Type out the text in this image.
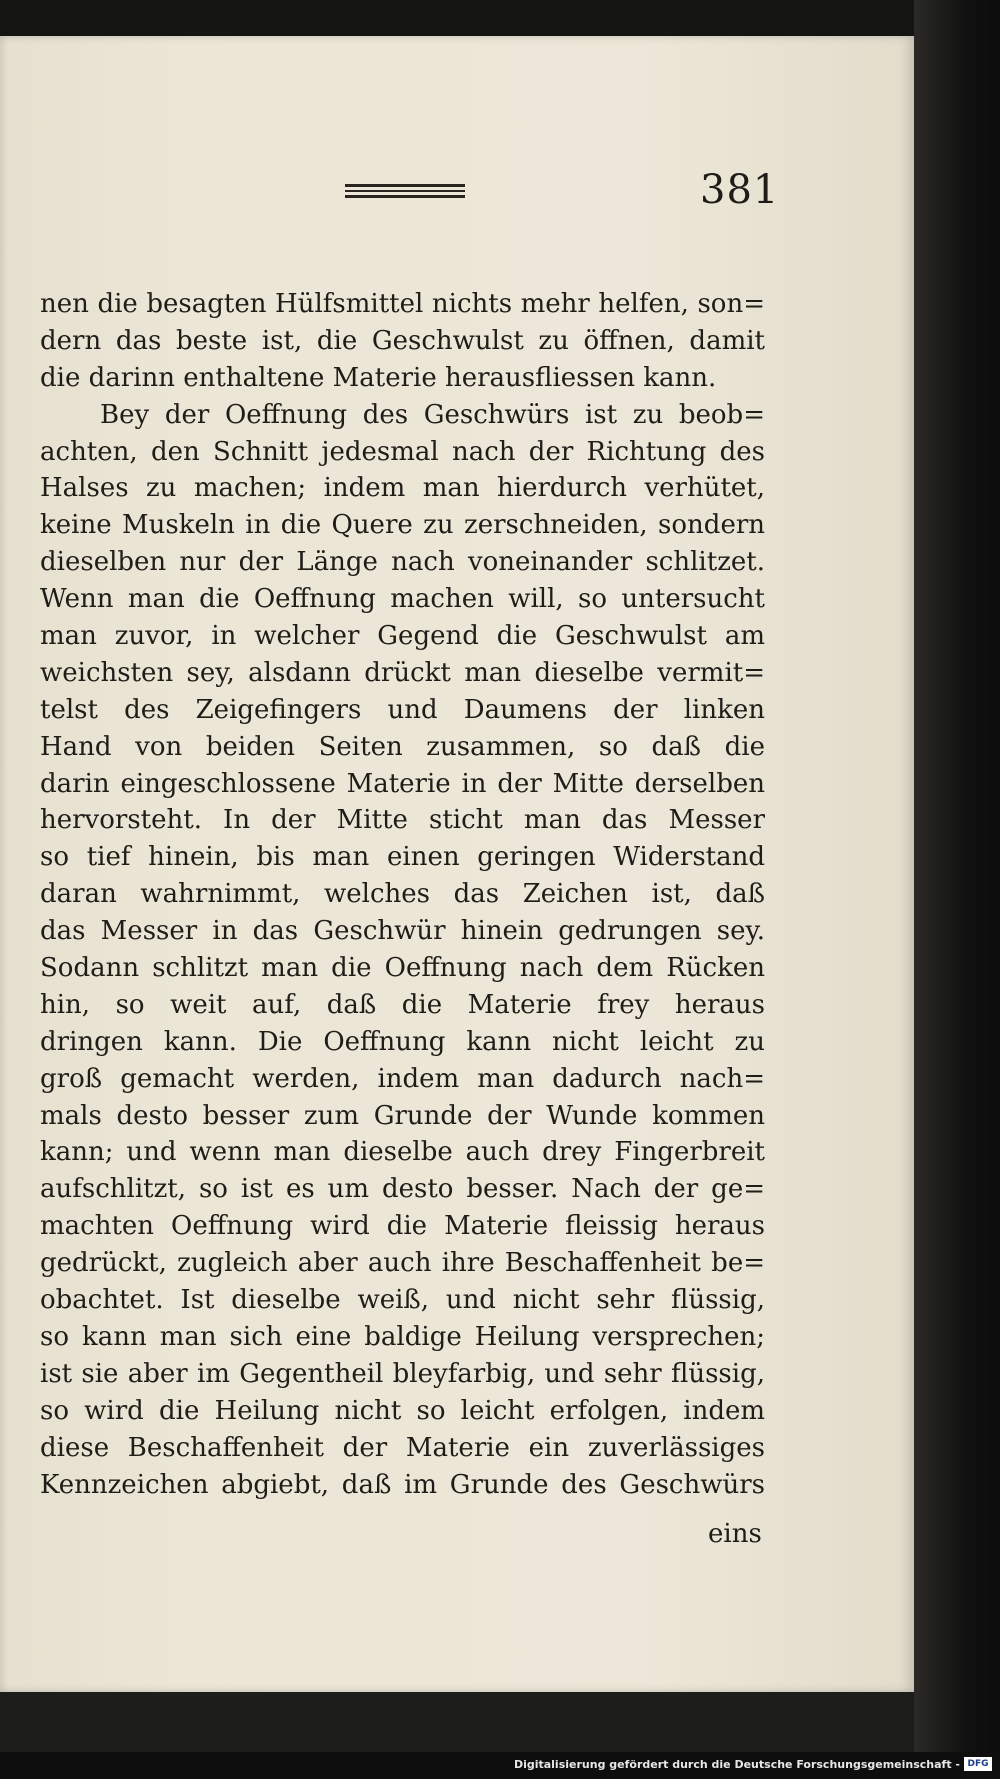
381
nen die besagten Hülfsmittel nichts mehr helfen, son=
dern das beste ist, die Geschwulst zu öffnen, damit
die darinn enthaltene Materie herausfliessen kann.
Bey der Oeffnung des Geschwürs ist zu beob=
achten, den Schnitt jedesmal nach der Richtung des
Halses zu machen; indem man hierdurch verhütet,
keine Muskeln in die Quere zu zerschneiden, sondern
dieselben nur der Länge nach voneinander schlitzet.
Wenn man die Oeffnung machen will, so untersucht
man zuvor, in welcher Gegend die Geschwulst am
weichsten sey, alsdann drückt man dieselbe vermit=
telst des Zeigefingers und Daumens der linken
Hand von beiden Seiten zusammen, so daß die
darin eingeschlossene Materie in der Mitte derselben
hervorsteht. In der Mitte sticht man das Messer
so tief hinein, bis man einen geringen Widerstand
daran wahrnimmt, welches das Zeichen ist, daß
das Messer in das Geschwür hinein gedrungen sey.
Sodann schlitzt man die Oeffnung nach dem Rücken
hin, so weit auf, daß die Materie frey heraus
dringen kann. Die Oeffnung kann nicht leicht zu
groß gemacht werden, indem man dadurch nach=
mals desto besser zum Grunde der Wunde kommen
kann; und wenn man dieselbe auch drey Fingerbreit
aufschlitzt, so ist es um desto besser. Nach der ge=
machten Oeffnung wird die Materie fleissig heraus
gedrückt, zugleich aber auch ihre Beschaffenheit be=
obachtet. Ist dieselbe weiß, und nicht sehr flüssig,
so kann man sich eine baldige Heilung versprechen;
ist sie aber im Gegentheil bleyfarbig, und sehr flüssig,
so wird die Heilung nicht so leicht erfolgen, indem
diese Beschaffenheit der Materie ein zuverlässiges
Kennzeichen abgiebt, daß im Grunde des Geschwürs
eins
Digitalisierung gefördert durch die Deutsche Forschungsgemeinschaft - DFG
